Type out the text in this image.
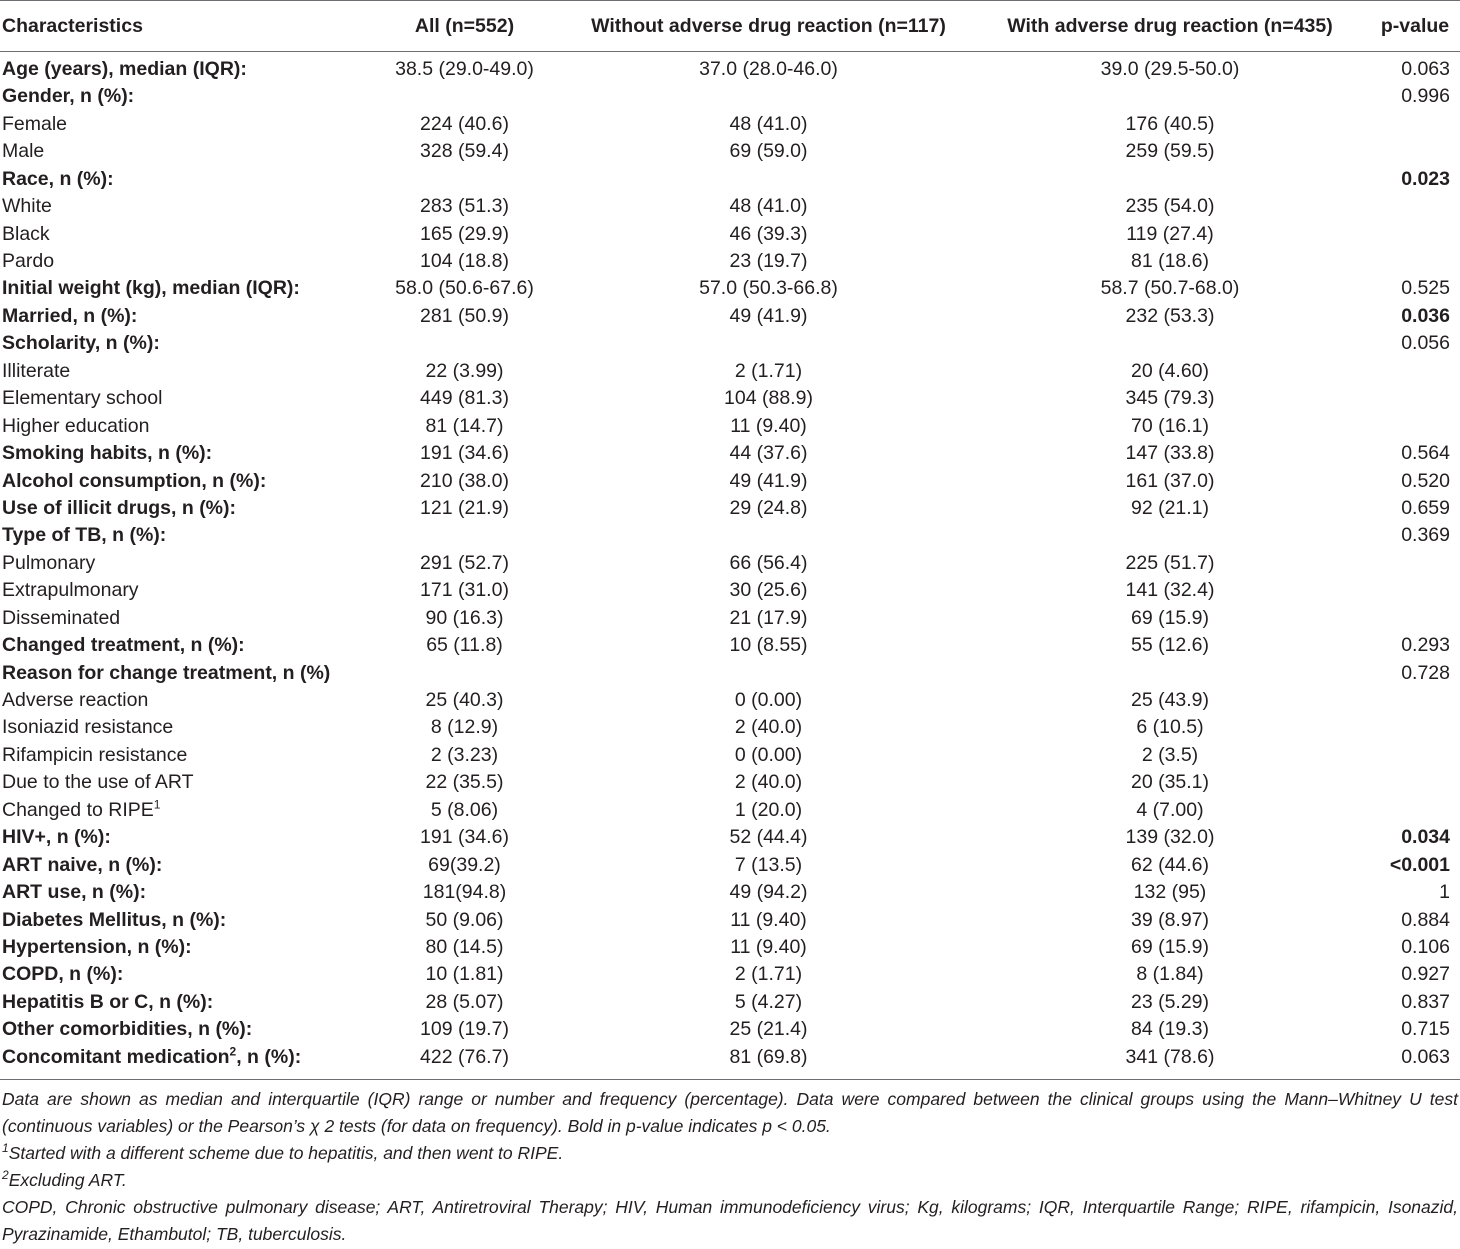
Characteristics	All (n=552)	Without adverse drug reaction (n=117)	With adverse drug reaction (n=435)	p-value
Age (years), median (IQR):	38.5 (29.0-49.0)	37.0 (28.0-46.0)	39.0 (29.5-50.0)	0.063
Gender, n (%):				0.996
Female	224 (40.6)	48 (41.0)	176 (40.5)	
Male	328 (59.4)	69 (59.0)	259 (59.5)	
Race, n (%):				0.023
White	283 (51.3)	48 (41.0)	235 (54.0)	
Black	165 (29.9)	46 (39.3)	119 (27.4)	
Pardo	104 (18.8)	23 (19.7)	81 (18.6)	
Initial weight (kg), median (IQR):	58.0 (50.6-67.6)	57.0 (50.3-66.8)	58.7 (50.7-68.0)	0.525
Married, n (%):	281 (50.9)	49 (41.9)	232 (53.3)	0.036
Scholarity, n (%):				0.056
Illiterate	22 (3.99)	2 (1.71)	20 (4.60)	
Elementary school	449 (81.3)	104 (88.9)	345 (79.3)	
Higher education	81 (14.7)	11 (9.40)	70 (16.1)	
Smoking habits, n (%):	191 (34.6)	44 (37.6)	147 (33.8)	0.564
Alcohol consumption, n (%):	210 (38.0)	49 (41.9)	161 (37.0)	0.520
Use of illicit drugs, n (%):	121 (21.9)	29 (24.8)	92 (21.1)	0.659
Type of TB, n (%):				0.369
Pulmonary	291 (52.7)	66 (56.4)	225 (51.7)	
Extrapulmonary	171 (31.0)	30 (25.6)	141 (32.4)	
Disseminated	90 (16.3)	21 (17.9)	69 (15.9)	
Changed treatment, n (%):	65 (11.8)	10 (8.55)	55 (12.6)	0.293
Reason for change treatment, n (%)				0.728
Adverse reaction	25 (40.3)	0 (0.00)	25 (43.9)	
Isoniazid resistance	8 (12.9)	2 (40.0)	6 (10.5)	
Rifampicin resistance	2 (3.23)	0 (0.00)	2 (3.5)	
Due to the use of ART	22 (35.5)	2 (40.0)	20 (35.1)	
Changed to RIPE$^1$	5 (8.06)	1 (20.0)	4 (7.00)	
HIV+, n (%):	191 (34.6)	52 (44.4)	139 (32.0)	0.034
ART naive, n (%):	69(39.2)	7 (13.5)	62 (44.6)	<0.001
ART use, n (%):	181(94.8)	49 (94.2)	132 (95)	1
Diabetes Mellitus, n (%):	50 (9.06)	11 (9.40)	39 (8.97)	0.884
Hypertension, n (%):	80 (14.5)	11 (9.40)	69 (15.9)	0.106
COPD, n (%):	10 (1.81)	2 (1.71)	8 (1.84)	0.927
Hepatitis B or C, n (%):	28 (5.07)	5 (4.27)	23 (5.29)	0.837
Other comorbidities, n (%):	109 (19.7)	25 (21.4)	84 (19.3)	0.715
Concomitant medication$^2$, n (%):	422 (76.7)	81 (69.8)	341 (78.6)	0.063

Data are shown as median and interquartile (IQR) range or number and frequency (percentage). Data were compared between the clinical groups using the Mann–Whitney U test (continuous variables) or the Pearson’s χ 2 tests (for data on frequency). Bold in p-value indicates p < 0.05.

$^1$Started with a different scheme due to hepatitis, and then went to RIPE.

$^2$Excluding ART.

COPD, Chronic obstructive pulmonary disease; ART, Antiretroviral Therapy; HIV, Human immunodeficiency virus; Kg, kilograms; IQR, Interquartile Range; RIPE, rifampicin, Isonazid, Pyrazinamide, Ethambutol; TB, tuberculosis.
